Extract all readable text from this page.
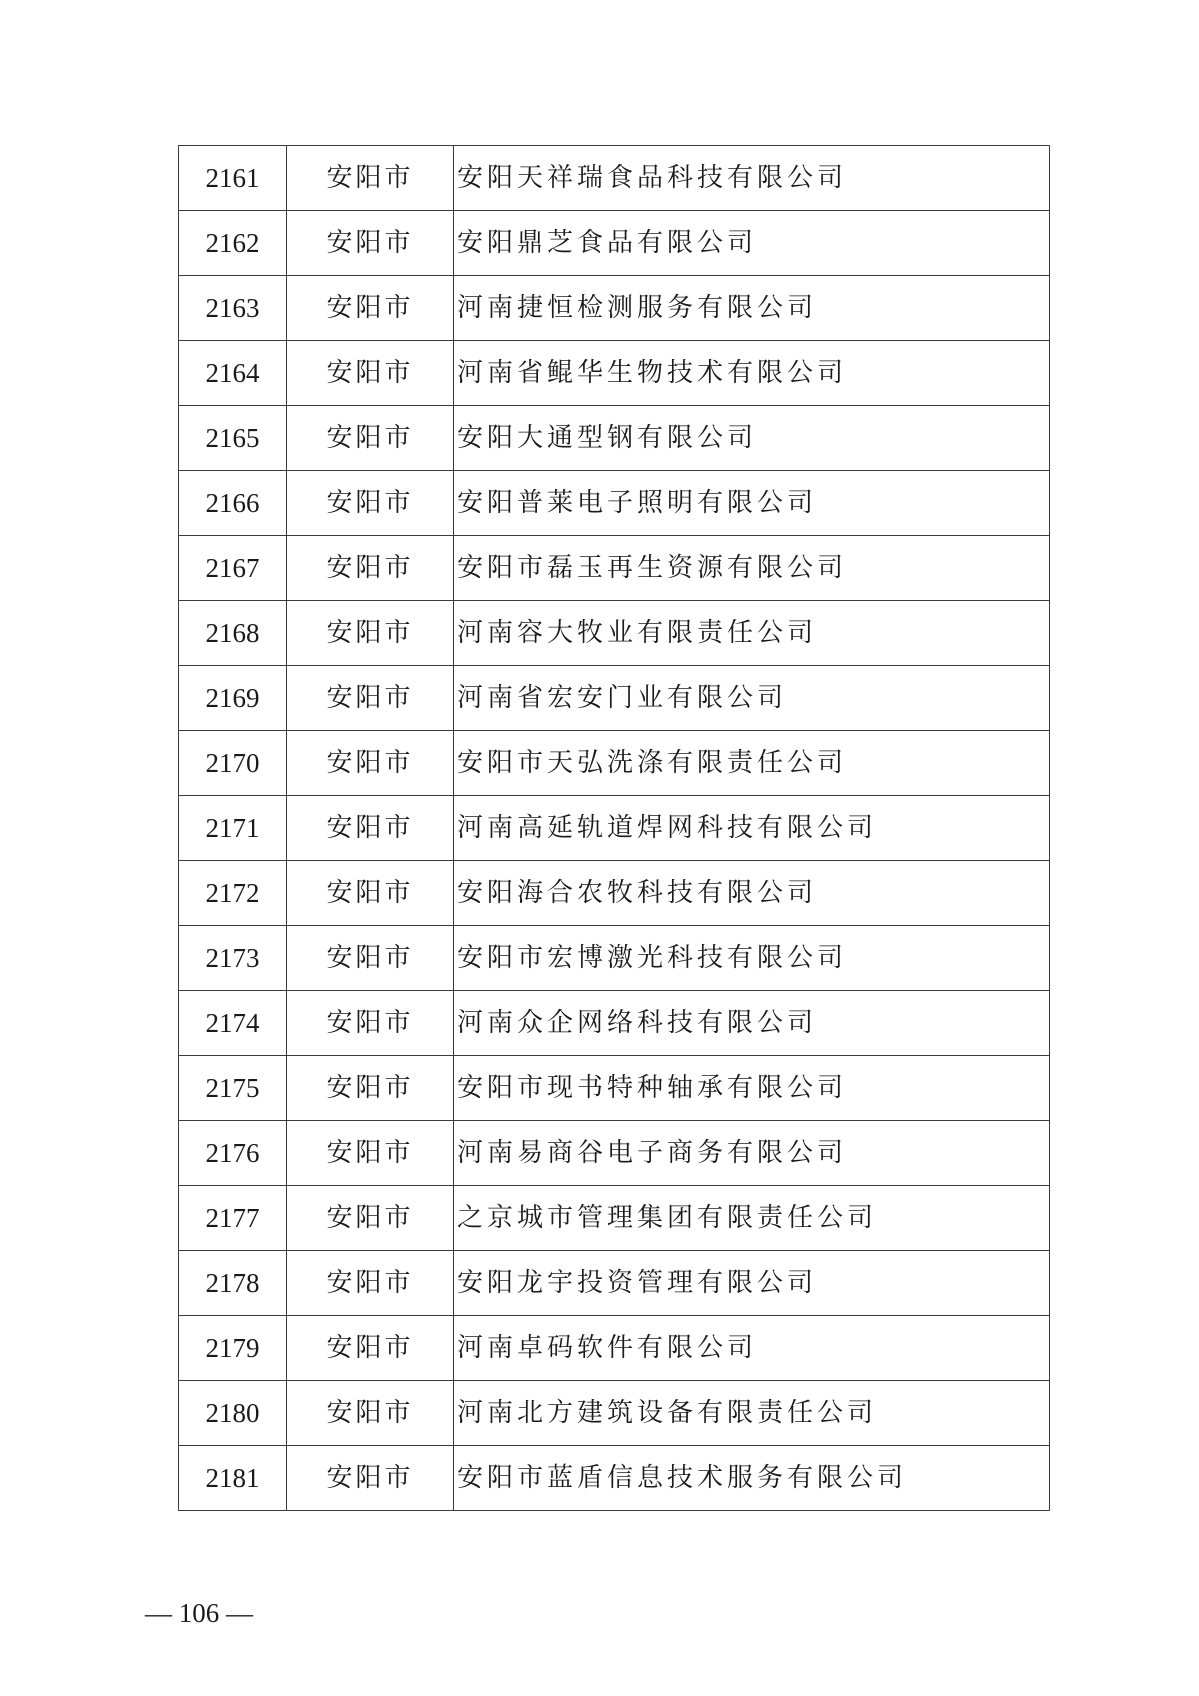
2161	安阳市	安阳天祥瑞食品科技有限公司
2162	安阳市	安阳鼎芝食品有限公司
2163	安阳市	河南捷恒检测服务有限公司
2164	安阳市	河南省鲲华生物技术有限公司
2165	安阳市	安阳大通型钢有限公司
2166	安阳市	安阳普莱电子照明有限公司
2167	安阳市	安阳市磊玉再生资源有限公司
2168	安阳市	河南容大牧业有限责任公司
2169	安阳市	河南省宏安门业有限公司
2170	安阳市	安阳市天弘洗涤有限责任公司
2171	安阳市	河南高延轨道焊网科技有限公司
2172	安阳市	安阳海合农牧科技有限公司
2173	安阳市	安阳市宏博激光科技有限公司
2174	安阳市	河南众企网络科技有限公司
2175	安阳市	安阳市现书特种轴承有限公司
2176	安阳市	河南易商谷电子商务有限公司
2177	安阳市	之京城市管理集团有限责任公司
2178	安阳市	安阳龙宇投资管理有限公司
2179	安阳市	河南卓码软件有限公司
2180	安阳市	河南北方建筑设备有限责任公司
2181	安阳市	安阳市蓝盾信息技术服务有限公司
— 106 —
